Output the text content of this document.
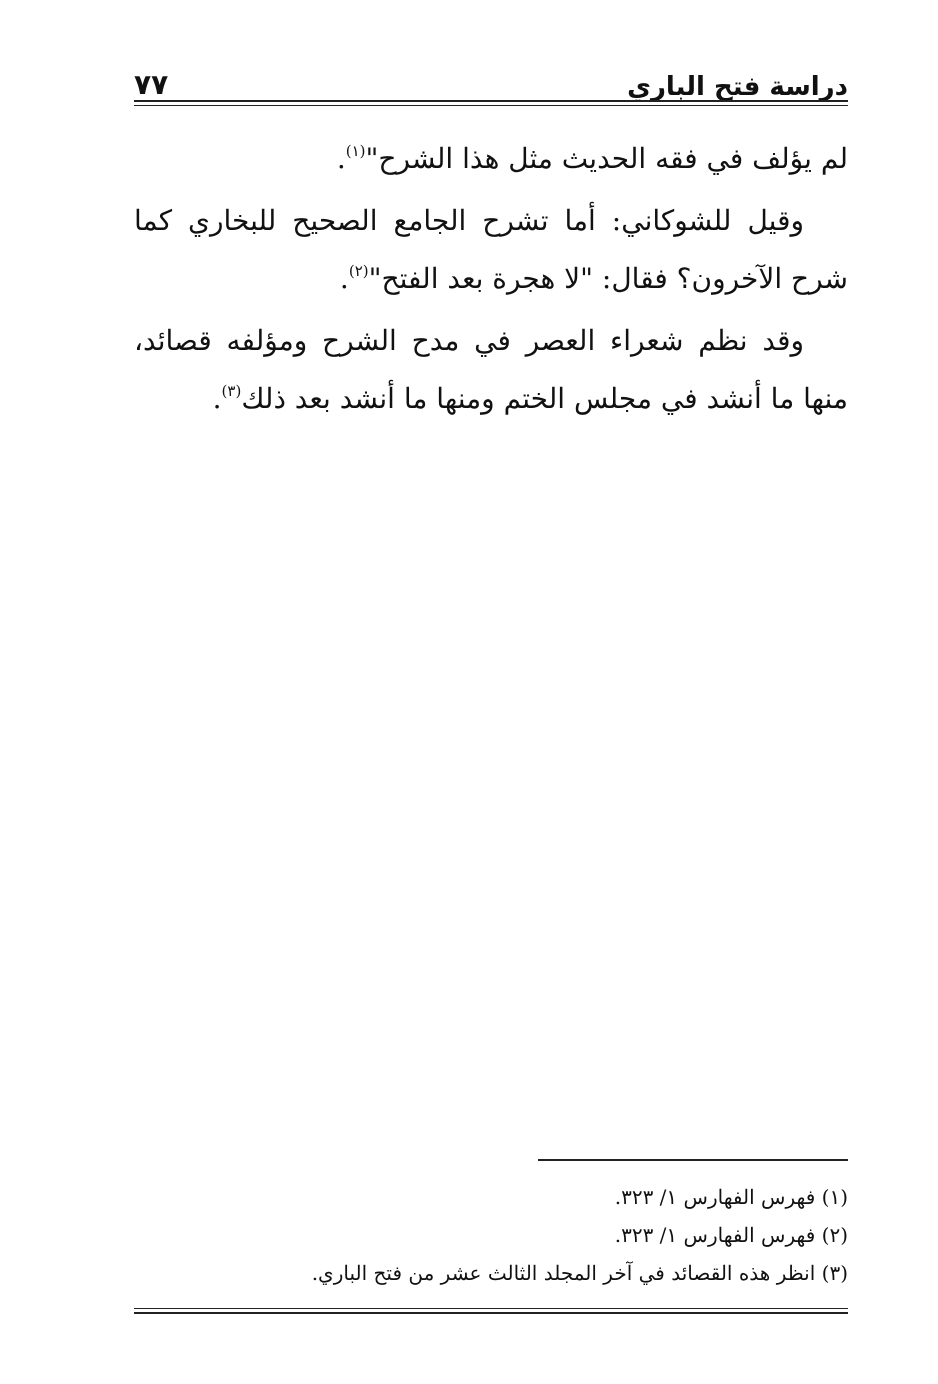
دراسة فتح الباري
٧٧

لم يؤلف في فقه الحديث مثل هذا الشرح"$^{(١)}$.

وقيل للشوكاني: أما تشرح الجامع الصحيح للبخاري كما شرح الآخرون؟ فقال: "لا هجرة بعد الفتح"$^{(٢)}$.

وقد نظم شعراء العصر في مدح الشرح ومؤلفه قصائد، منها ما أنشد في مجلس الختم ومنها ما أنشد بعد ذلك$^{(٣)}$.

(١) فهرس الفهارس ١/ ٣٢٣.
(٢) فهرس الفهارس ١/ ٣٢٣.
(٣) انظر هذه القصائد في آخر المجلد الثالث عشر من فتح الباري.
